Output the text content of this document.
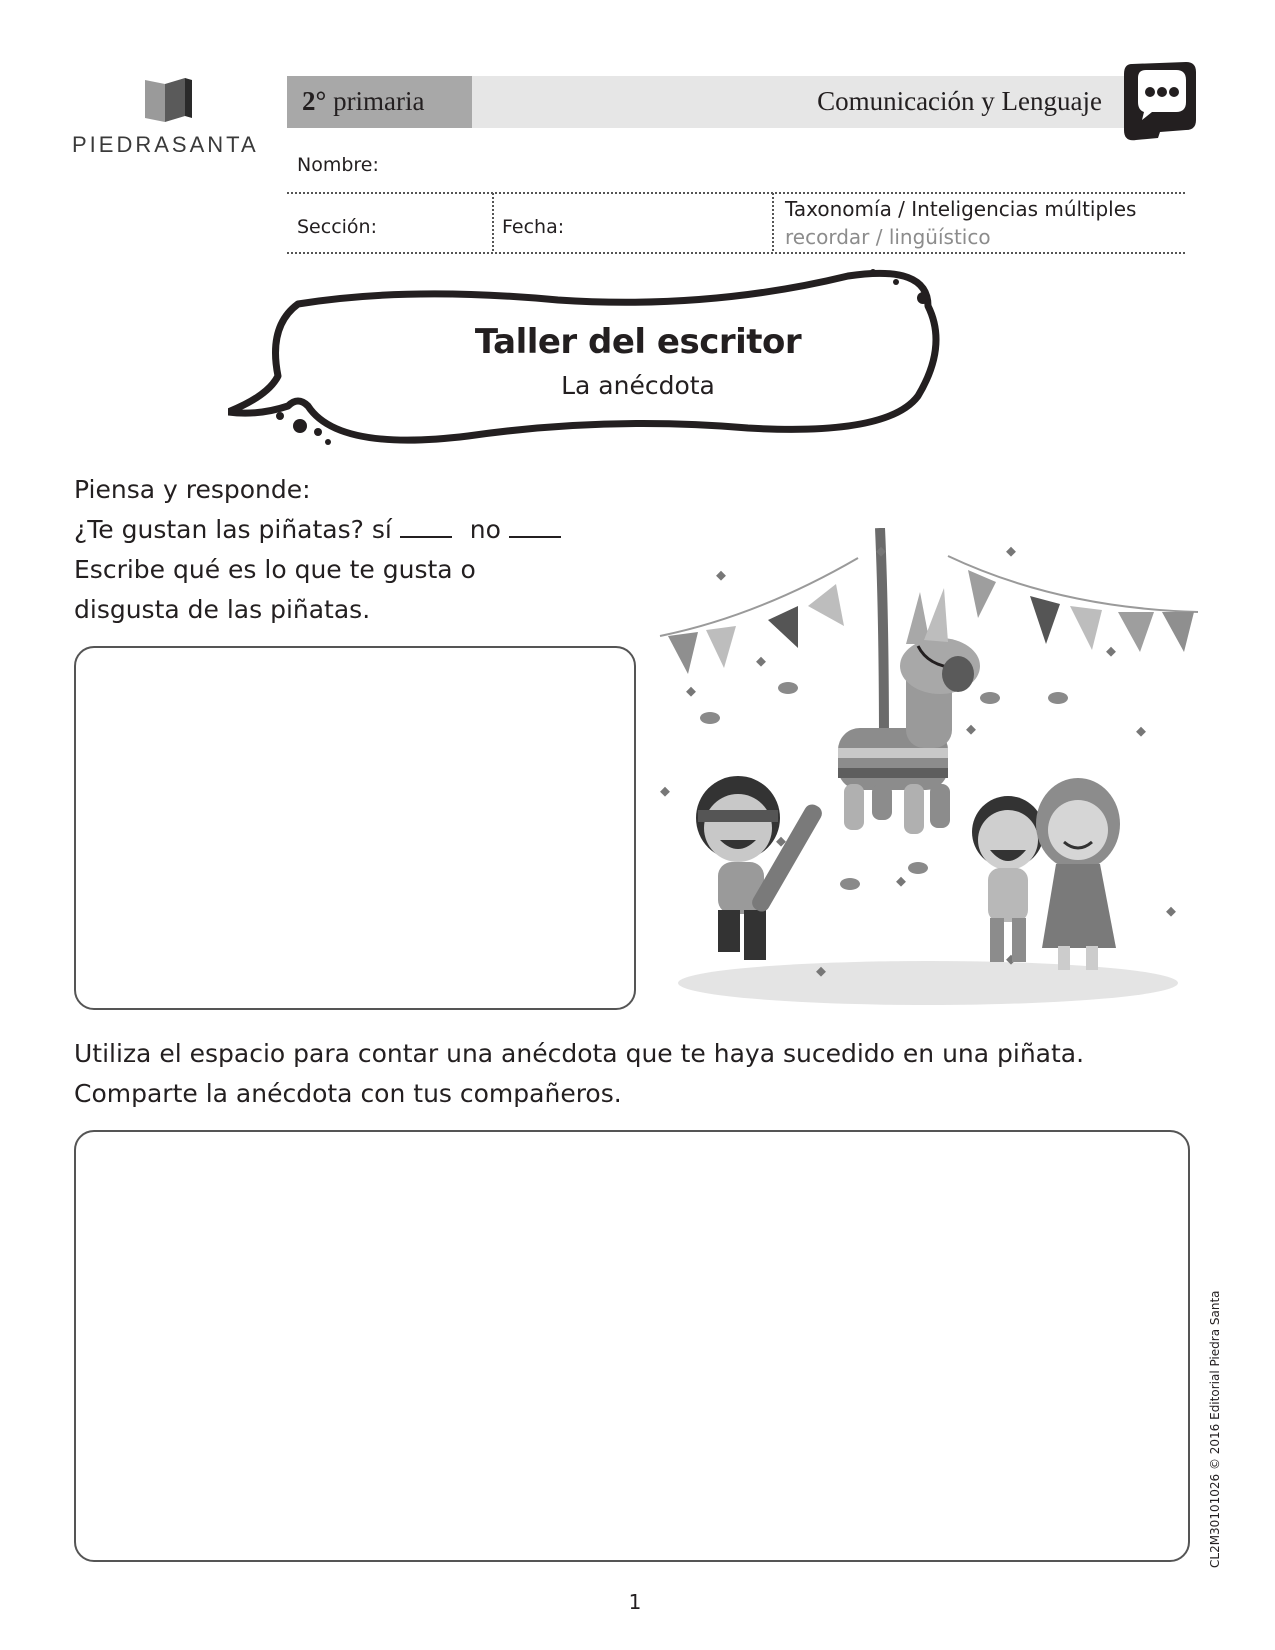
PIEDRASANTA
2° primaria	Comunicación y Lenguaje
Nombre:
Sección:	Fecha:
Taxonomía / Inteligencias múltiples
recordar / lingüístico
Taller del escritor
La anécdota
Piensa y responde:
¿Te gustan las piñatas? sí	no
Escribe qué es lo que te gusta o
disgusta de las piñatas.
Utiliza el espacio para contar una anécdota que te haya sucedido en una piñata.
Comparte la anécdota con tus compañeros.
CL2M30101026 © 2016 Editorial Piedra Santa
1
